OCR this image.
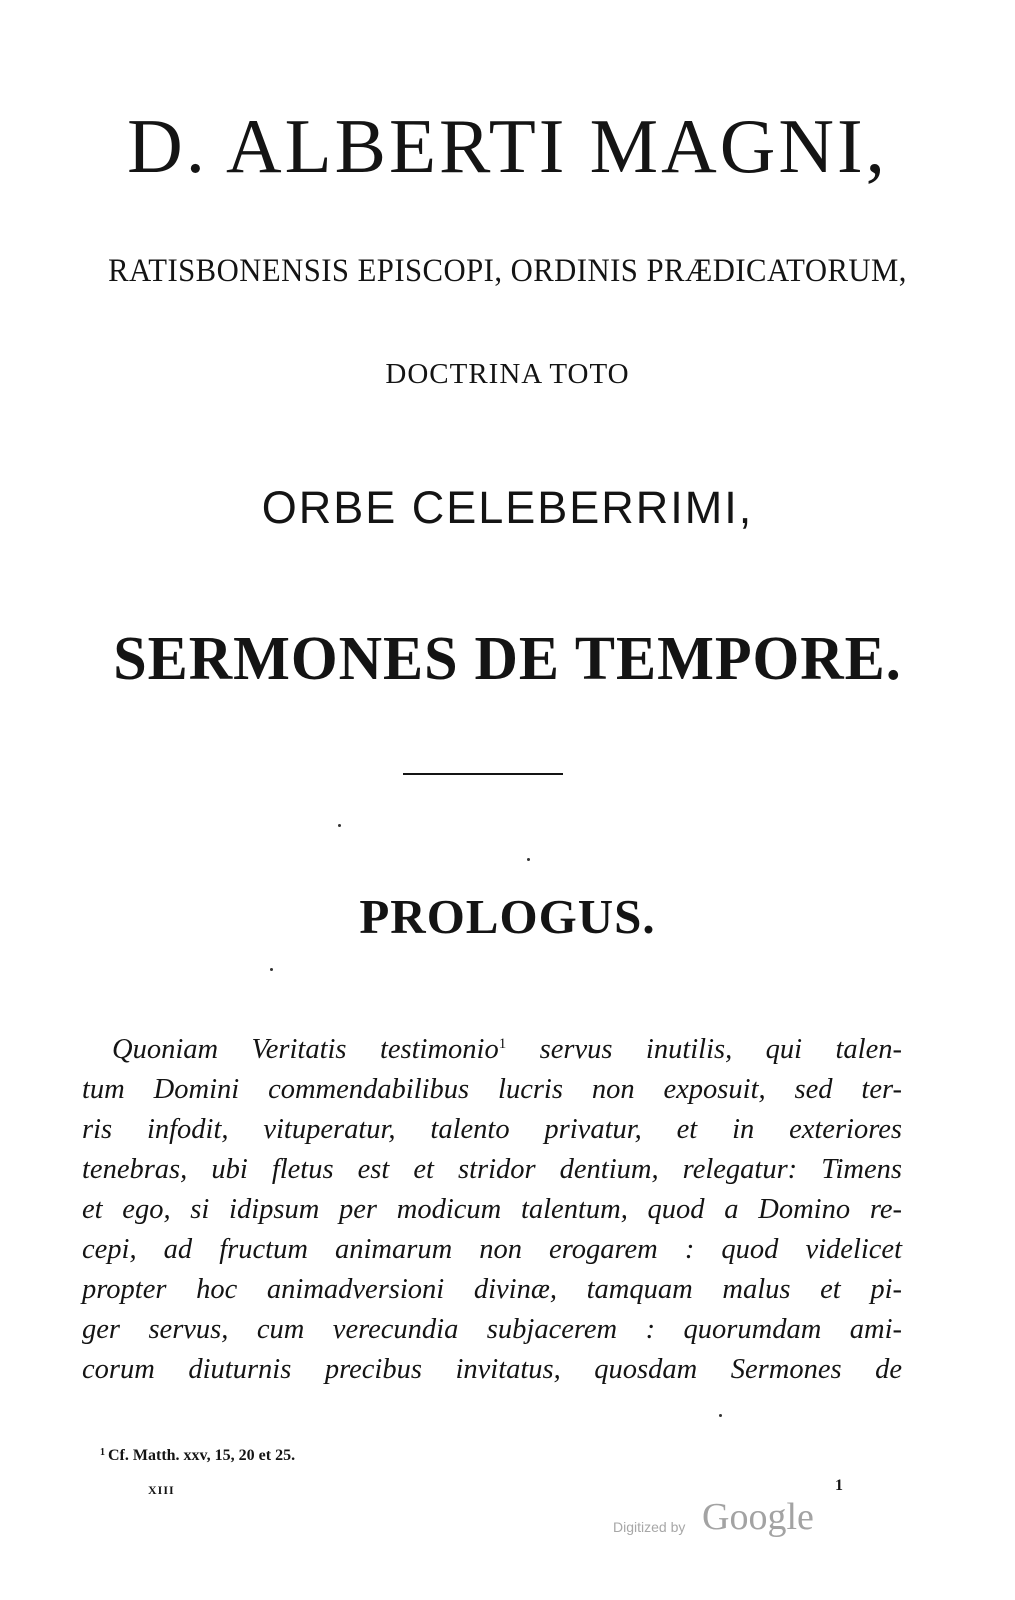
D. ALBERTI MAGNI,
RATISBONENSIS EPISCOPI, ORDINIS PRÆDICATORUM,
DOCTRINA TOTO
ORBE CELEBERRIMI,
SERMONES DE TEMPORE.
PROLOGUS.
Quoniam Veritatis testimonio$^1$ servus inutilis, qui talen-
tum Domini commendabilibus lucris non exposuit, sed ter-
ris infodit, vituperatur, talento privatur, et in exteriores
tenebras, ubi fletus est et stridor dentium, relegatur: Timens
et ego, si idipsum per modicum talentum, quod a Domino re-
cepi, ad fructum animarum non erogarem : quod videlicet
propter hoc animadversioni divinæ, tamquam malus et pi-
ger servus, cum verecundia subjacerem : quorumdam ami-
corum diuturnis precibus invitatus, quosdam Sermones de
$^1$ Cf. Matth. xxv, 15, 20 et 25.
XIII	1
Digitized by Google
